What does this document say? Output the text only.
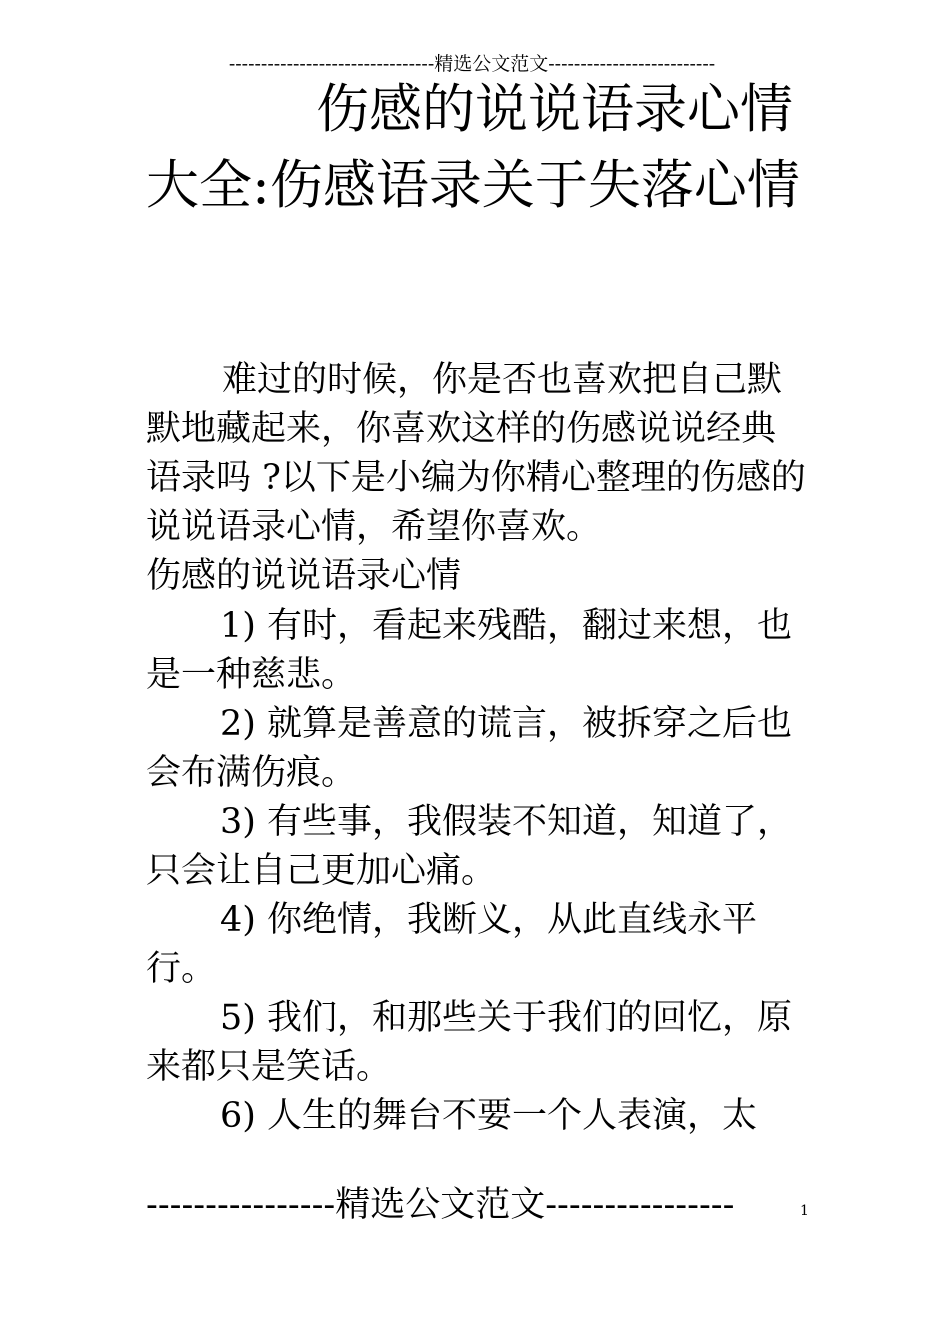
--------------------------------精选公文范文--------------------------
伤感的说说语录心情大全:伤感语录关于失落心情

难过的时候，你是否也喜欢把自己默默地藏起来，你喜欢这样的伤感说说经典语录吗 ?以下是小编为你精心整理的伤感的说说语录心情，希望你喜欢。

伤感的说说语录心情

1) 有时，看起来残酷，翻过来想，也是一种慈悲。

2) 就算是善意的谎言，被拆穿之后也会布满伤痕。

3) 有些事，我假装不知道，知道了，只会让自己更加心痛。

4) 你绝情，我断义，从此直线永平行。

5) 我们，和那些关于我们的回忆，原来都只是笑话。

6) 人生的舞台不要一个人表演，太

----------------精选公文范文----------------	1
